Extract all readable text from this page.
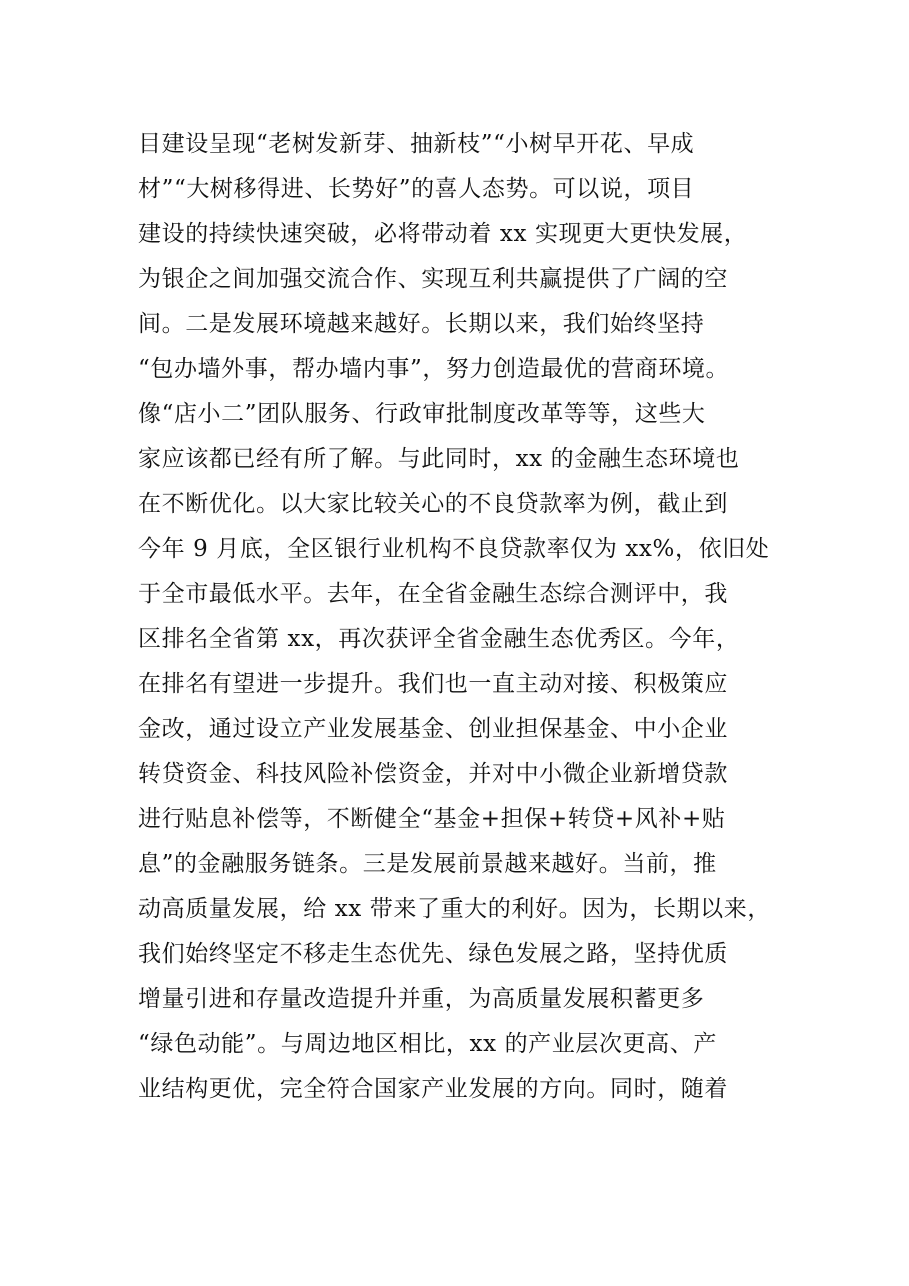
目建设呈现“老树发新芽、抽新枝”“小树早开花、早成
材”“大树移得进、长势好”的喜人态势。可以说，项目
建设的持续快速突破，必将带动着 xx 实现更大更快发展，
为银企之间加强交流合作、实现互利共赢提供了广阔的空
间。二是发展环境越来越好。长期以来，我们始终坚持
“包办墙外事，帮办墙内事”，努力创造最优的营商环境。
像“店小二”团队服务、行政审批制度改革等等，这些大
家应该都已经有所了解。与此同时，xx 的金融生态环境也
在不断优化。以大家比较关心的不良贷款率为例，截止到
今年 9 月底，全区银行业机构不良贷款率仅为 xx%，依旧处
于全市最低水平。去年，在全省金融生态综合测评中，我
区排名全省第 xx，再次获评全省金融生态优秀区。今年，
在排名有望进一步提升。我们也一直主动对接、积极策应
金改，通过设立产业发展基金、创业担保基金、中小企业
转贷资金、科技风险补偿资金，并对中小微企业新增贷款
进行贴息补偿等，不断健全“基金+担保+转贷+风补+贴
息”的金融服务链条。三是发展前景越来越好。当前，推
动高质量发展，给 xx 带来了重大的利好。因为，长期以来，
我们始终坚定不移走生态优先、绿色发展之路，坚持优质
增量引进和存量改造提升并重，为高质量发展积蓄更多
“绿色动能”。与周边地区相比，xx 的产业层次更高、产
业结构更优，完全符合国家产业发展的方向。同时，随着
